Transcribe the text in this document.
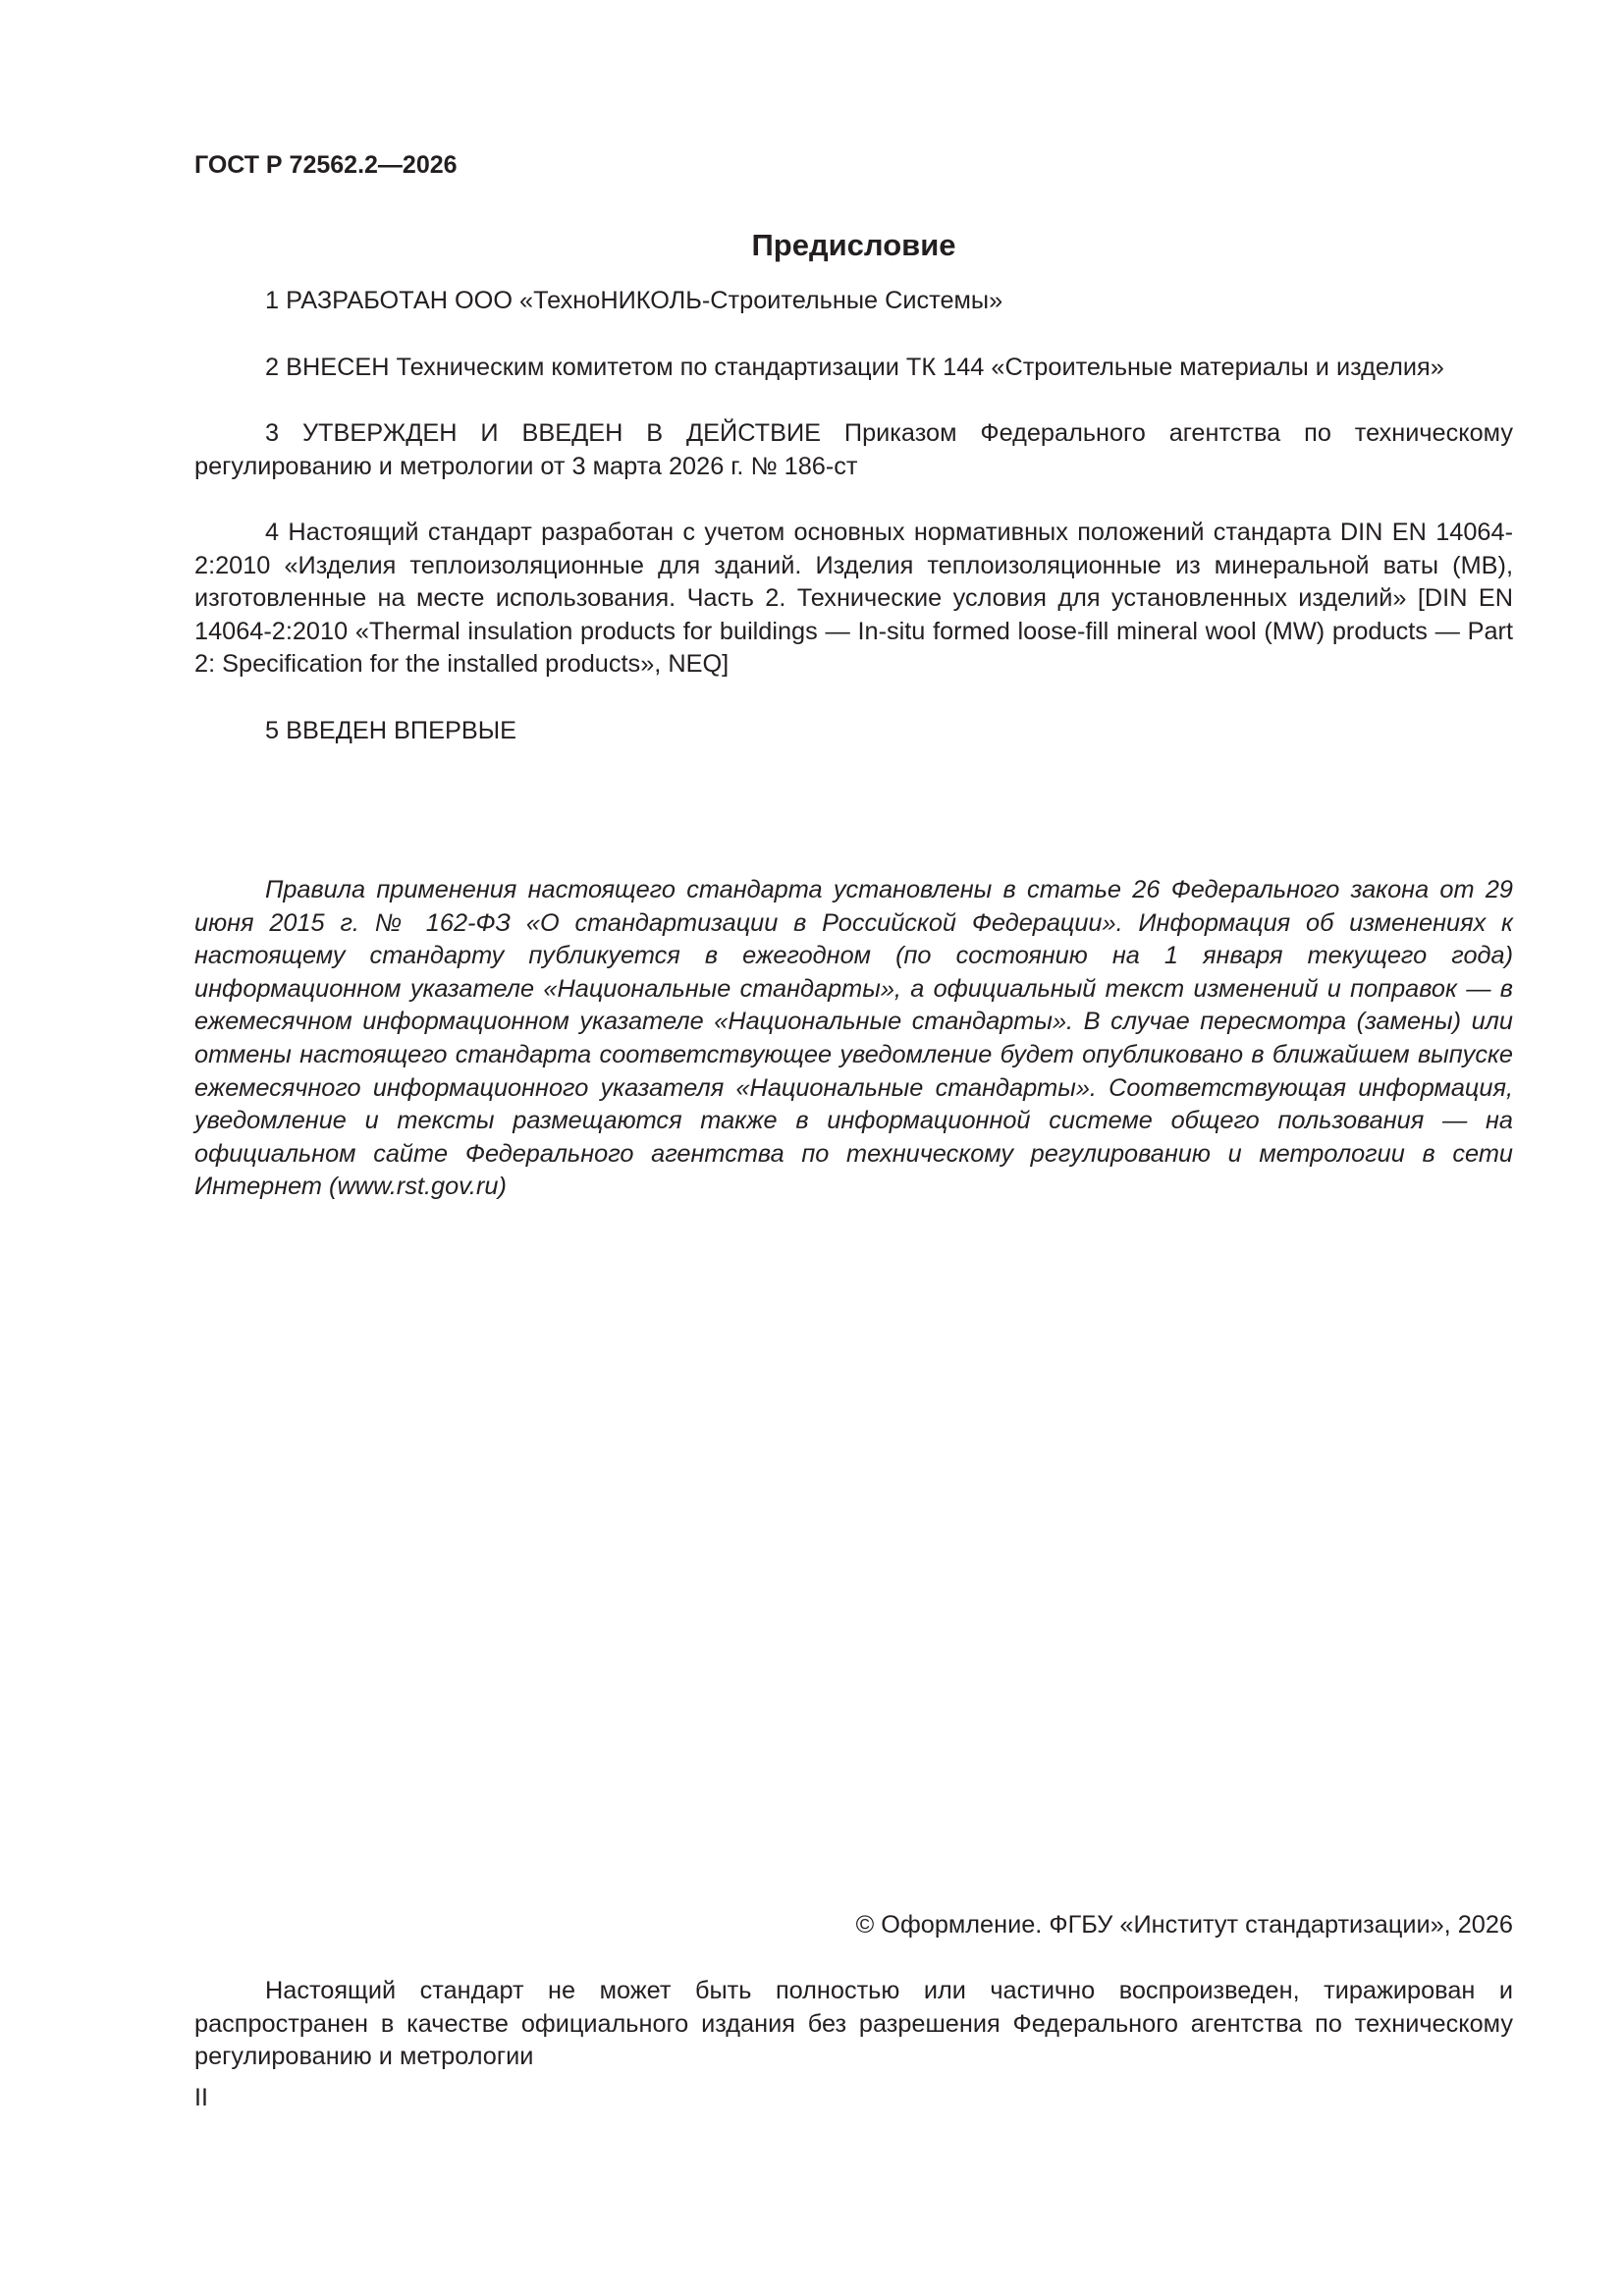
ГОСТ Р 72562.2—2026
Предисловие

1 РАЗРАБОТАН ООО «ТехноНИКОЛЬ-Строительные Системы»

2 ВНЕСЕН Техническим комитетом по стандартизации ТК 144 «Строительные материалы и изделия»

3 УТВЕРЖДЕН И ВВЕДЕН В ДЕЙСТВИЕ Приказом Федерального агентства по техническому регулированию и метрологии от 3 марта 2026 г. № 186-ст

4 Настоящий стандарт разработан с учетом основных нормативных положений стандарта DIN EN 14064-2:2010 «Изделия теплоизоляционные для зданий. Изделия теплоизоляционные из минеральной ваты (МВ), изготовленные на месте использования. Часть 2. Технические условия для установленных изделий» [DIN EN 14064-2:2010 «Thermal insulation products for buildings — In-situ formed loose-fill mineral wool (MW) products — Part 2: Specification for the installed products», NEQ]

5 ВВЕДЕН ВПЕРВЫЕ

Правила применения настоящего стандарта установлены в статье 26 Федерального закона от 29 июня 2015 г. № 162-ФЗ «О стандартизации в Российской Федерации». Информация об изменениях к настоящему стандарту публикуется в ежегодном (по состоянию на 1 января текущего года) информационном указателе «Национальные стандарты», а официальный текст изменений и поправок — в ежемесячном информационном указателе «Национальные стандарты». В случае пересмотра (замены) или отмены настоящего стандарта соответствующее уведомление будет опубликовано в ближайшем выпуске ежемесячного информационного указателя «Национальные стандарты». Соответствующая информация, уведомление и тексты размещаются также в информационной системе общего пользования — на официальном сайте Федерального агентства по техническому регулированию и метрологии в сети Интернет (www.rst.gov.ru)

© Оформление. ФГБУ «Институт стандартизации», 2026

Настоящий стандарт не может быть полностью или частично воспроизведен, тиражирован и распространен в качестве официального издания без разрешения Федерального агентства по техническому регулированию и метрологии

II
